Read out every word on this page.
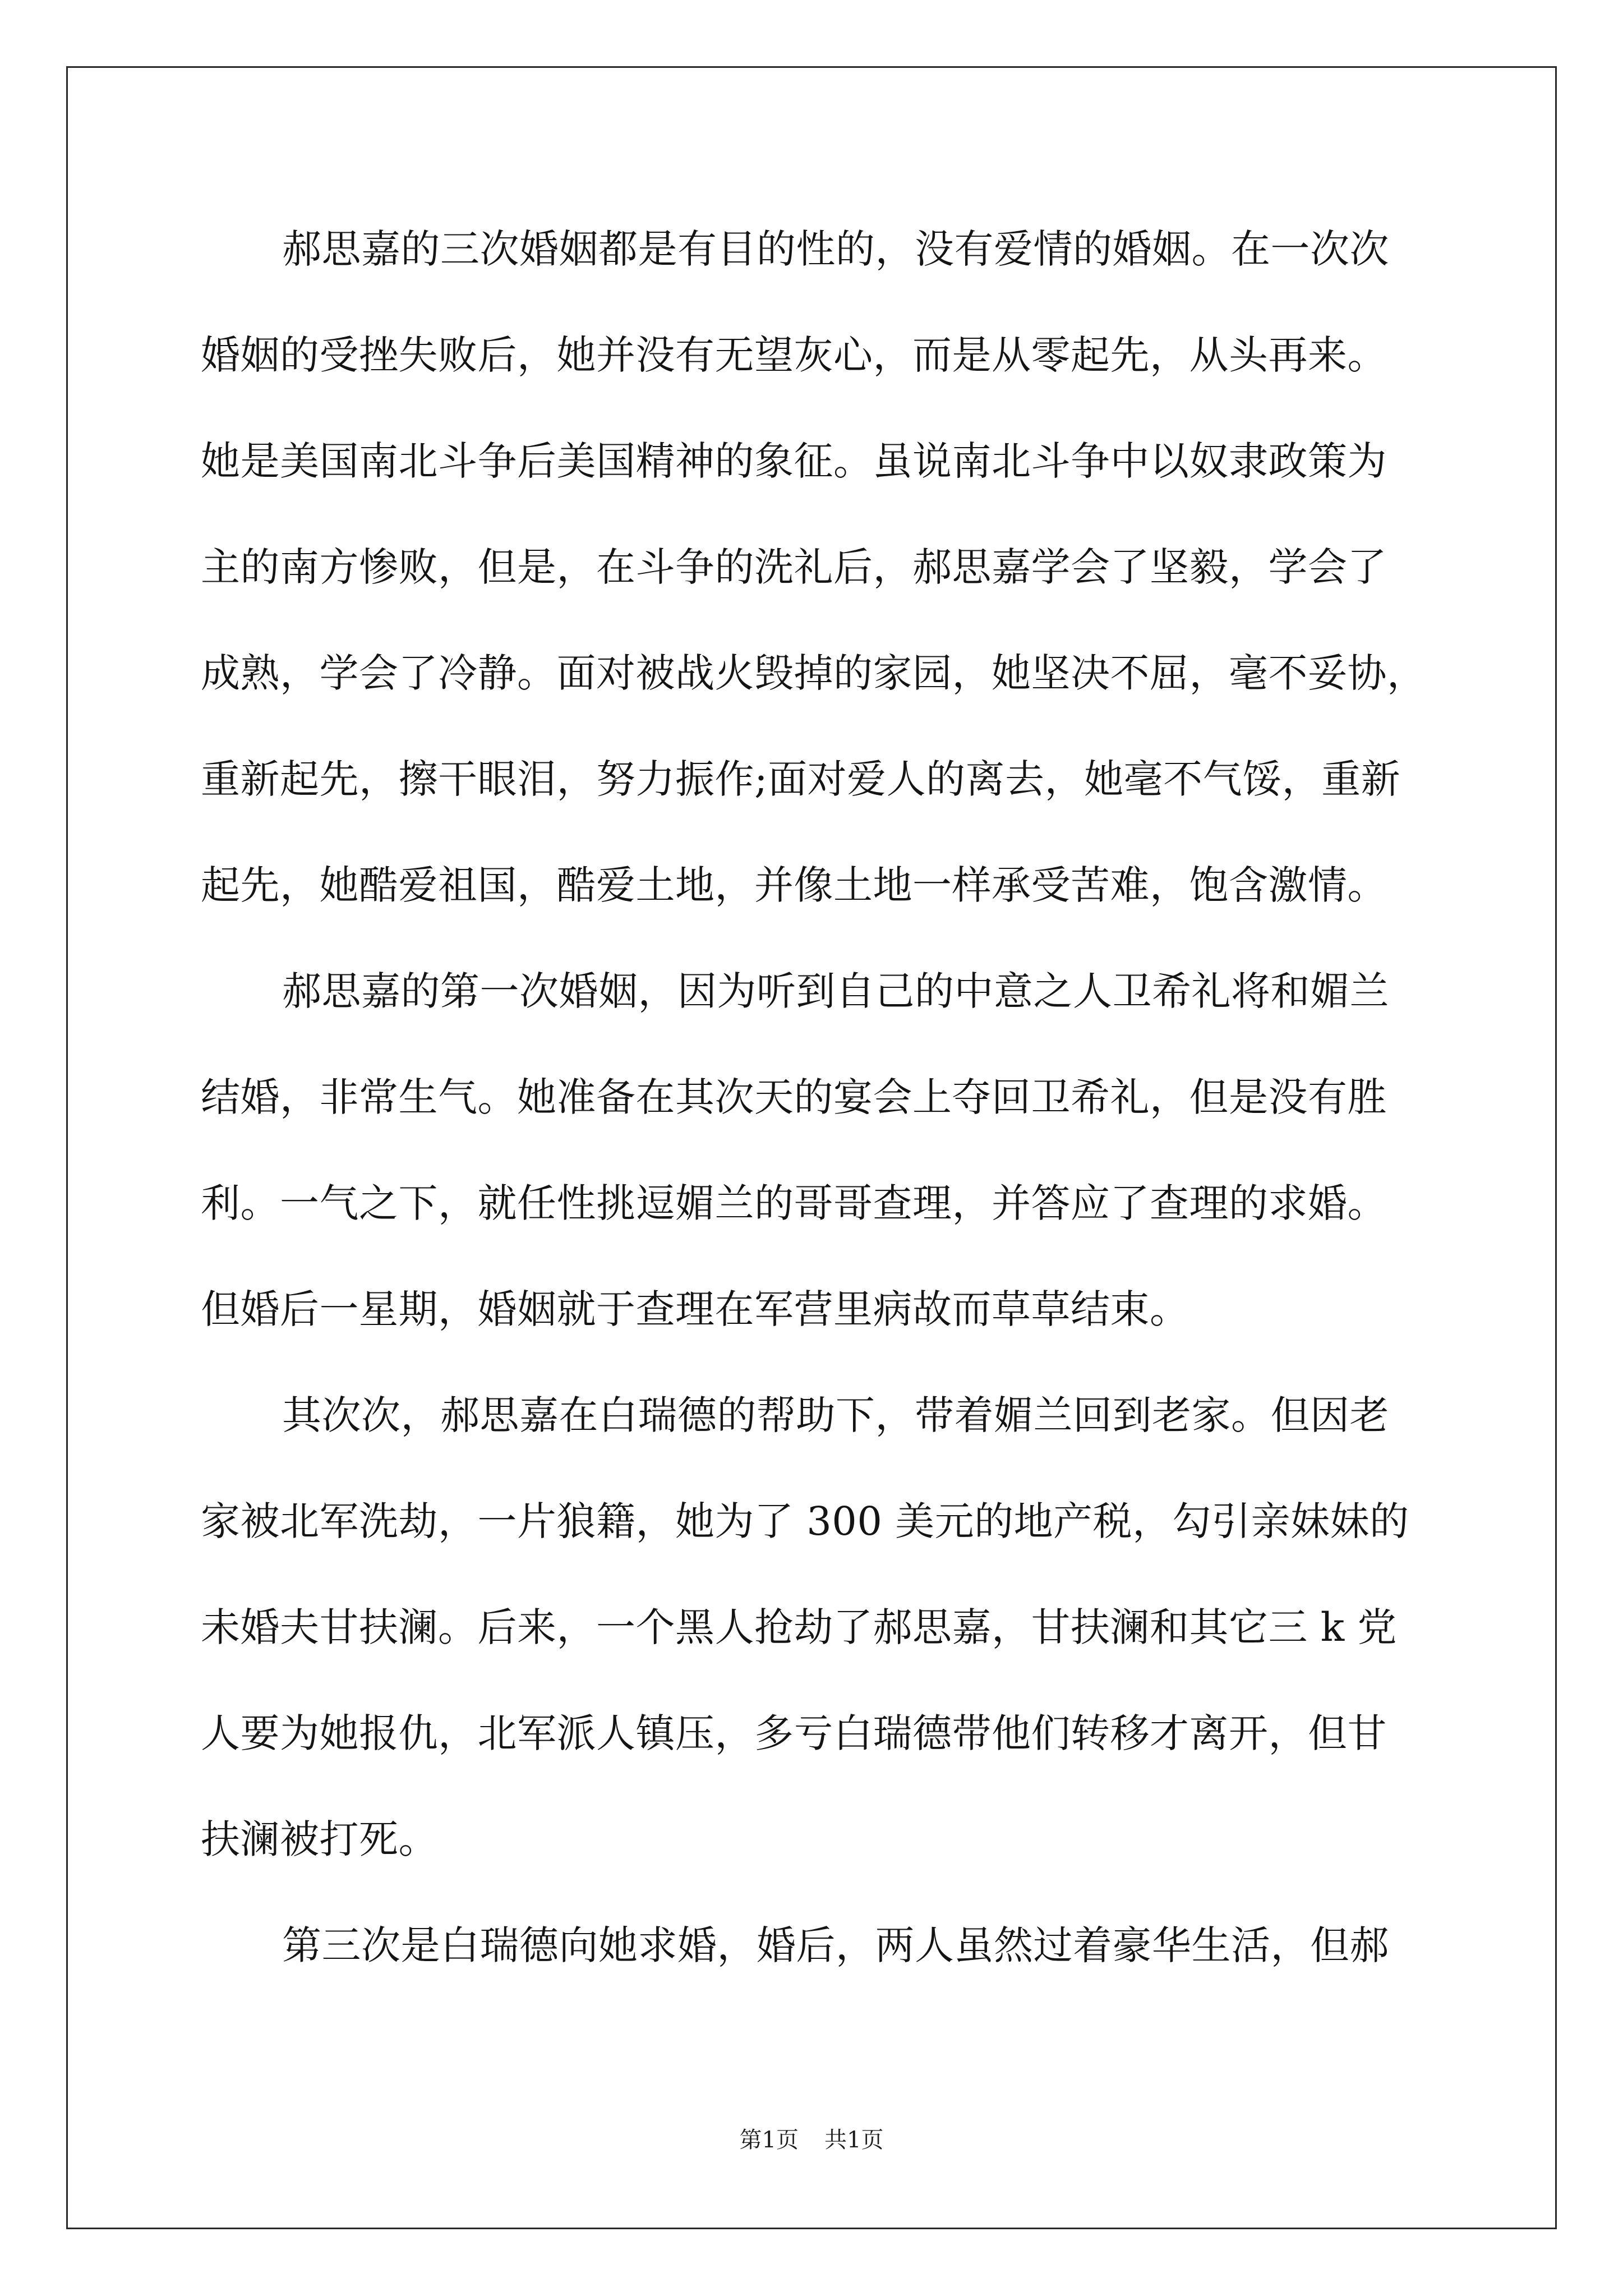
郝思嘉的三次婚姻都是有目的性的，没有爱情的婚姻。在一次次
婚姻的受挫失败后，她并没有无望灰心，而是从零起先，从头再来。
她是美国南北斗争后美国精神的象征。虽说南北斗争中以奴隶政策为
主的南方惨败，但是，在斗争的洗礼后，郝思嘉学会了坚毅，学会了
成熟，学会了冷静。面对被战火毁掉的家园，她坚决不屈，毫不妥协，
重新起先，擦干眼泪，努力振作;面对爱人的离去，她毫不气馁，重新
起先，她酷爱祖国，酷爱土地，并像土地一样承受苦难，饱含激情。
郝思嘉的第一次婚姻，因为听到自己的中意之人卫希礼将和媚兰
结婚，非常生气。她准备在其次天的宴会上夺回卫希礼，但是没有胜
利。一气之下，就任性挑逗媚兰的哥哥查理，并答应了查理的求婚。
但婚后一星期，婚姻就于查理在军营里病故而草草结束。
其次次，郝思嘉在白瑞德的帮助下，带着媚兰回到老家。但因老
家被北军洗劫，一片狼籍，她为了 300 美元的地产税，勾引亲妹妹的
未婚夫甘扶澜。后来，一个黑人抢劫了郝思嘉，甘扶澜和其它三 k 党
人要为她报仇，北军派人镇压，多亏白瑞德带他们转移才离开，但甘
扶澜被打死。
第三次是白瑞德向她求婚，婚后，两人虽然过着豪华生活，但郝
第1页 共1页
